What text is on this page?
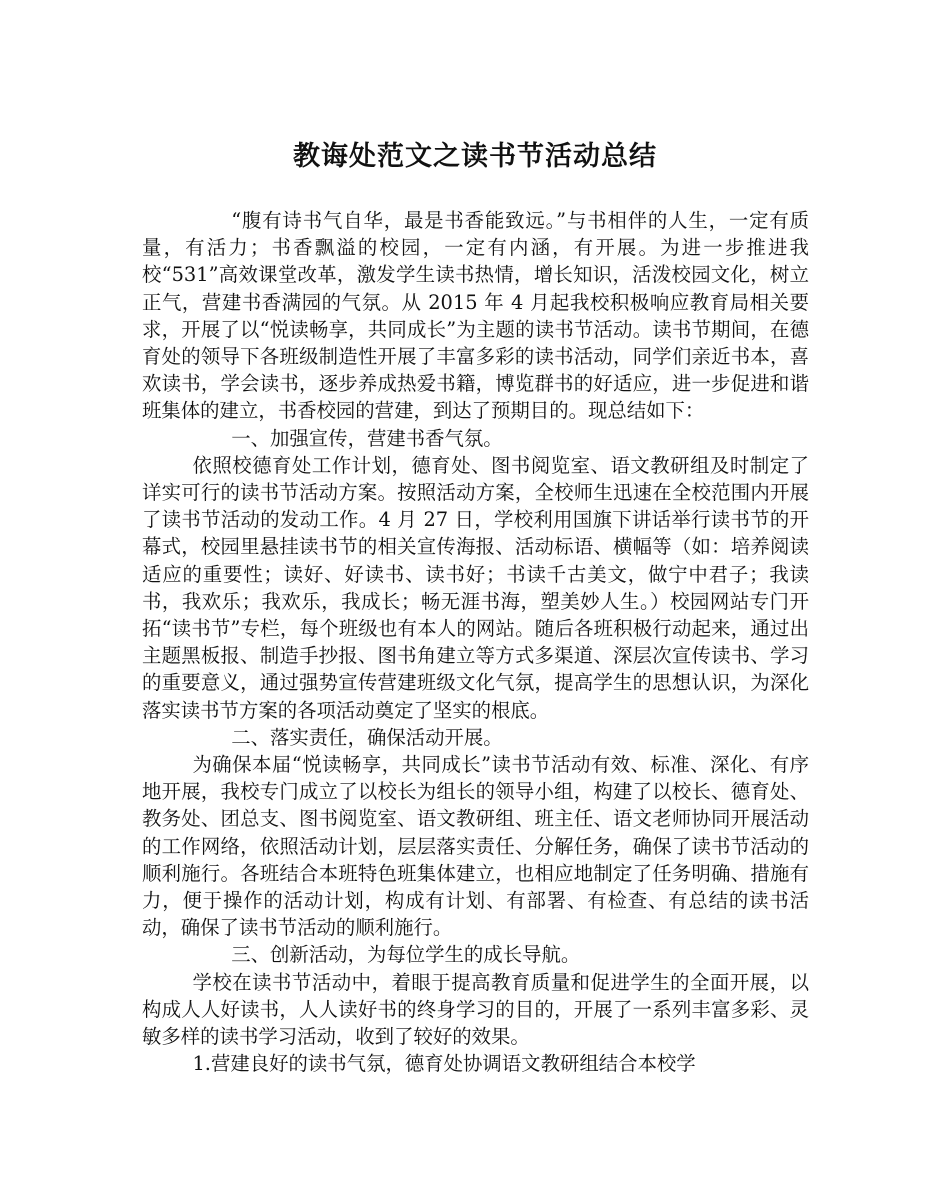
教诲处范文之读书节活动总结

“腹有诗书气自华，最是书香能致远。”与书相伴的人生，一定有质量，有活力；书香飘溢的校园，一定有内涵，有开展。为进一步推进我校“531”高效课堂改革，激发学生读书热情，增长知识，活泼校园文化，树立正气，营建书香满园的气氛。从 2015 年 4 月起我校积极响应教育局相关要求，开展了以“悦读畅享，共同成长”为主题的读书节活动。读书节期间，在德育处的领导下各班级制造性开展了丰富多彩的读书活动，同学们亲近书本，喜欢读书，学会读书，逐步养成热爱书籍，博览群书的好适应，进一步促进和谐班集体的建立，书香校园的营建，到达了预期目的。现总结如下：

一、加强宣传，营建书香气氛。

依照校德育处工作计划，德育处、图书阅览室、语文教研组及时制定了详实可行的读书节活动方案。按照活动方案，全校师生迅速在全校范围内开展了读书节活动的发动工作。4 月 27 日，学校利用国旗下讲话举行读书节的开幕式，校园里悬挂读书节的相关宣传海报、活动标语、横幅等（如：培养阅读适应的重要性；读好、好读书、读书好；书读千古美文，做宁中君子；我读书，我欢乐；我欢乐，我成长；畅无涯书海，塑美妙人生。）校园网站专门开拓“读书节”专栏，每个班级也有本人的网站。随后各班积极行动起来，通过出主题黑板报、制造手抄报、图书角建立等方式多渠道、深层次宣传读书、学习的重要意义，通过强势宣传营建班级文化气氛，提高学生的思想认识，为深化落实读书节方案的各项活动奠定了坚实的根底。

二、落实责任，确保活动开展。

为确保本届“悦读畅享，共同成长”读书节活动有效、标准、深化、有序地开展，我校专门成立了以校长为组长的领导小组，构建了以校长、德育处、教务处、团总支、图书阅览室、语文教研组、班主任、语文老师协同开展活动的工作网络，依照活动计划，层层落实责任、分解任务，确保了读书节活动的顺利施行。各班结合本班特色班集体建立，也相应地制定了任务明确、措施有力，便于操作的活动计划，构成有计划、有部署、有检查、有总结的读书活动，确保了读书节活动的顺利施行。

三、创新活动，为每位学生的成长导航。

学校在读书节活动中，着眼于提高教育质量和促进学生的全面开展，以构成人人好读书，人人读好书的终身学习的目的，开展了一系列丰富多彩、灵敏多样的读书学习活动，收到了较好的效果。

1.营建良好的读书气氛，德育处协调语文教研组结合本校学
